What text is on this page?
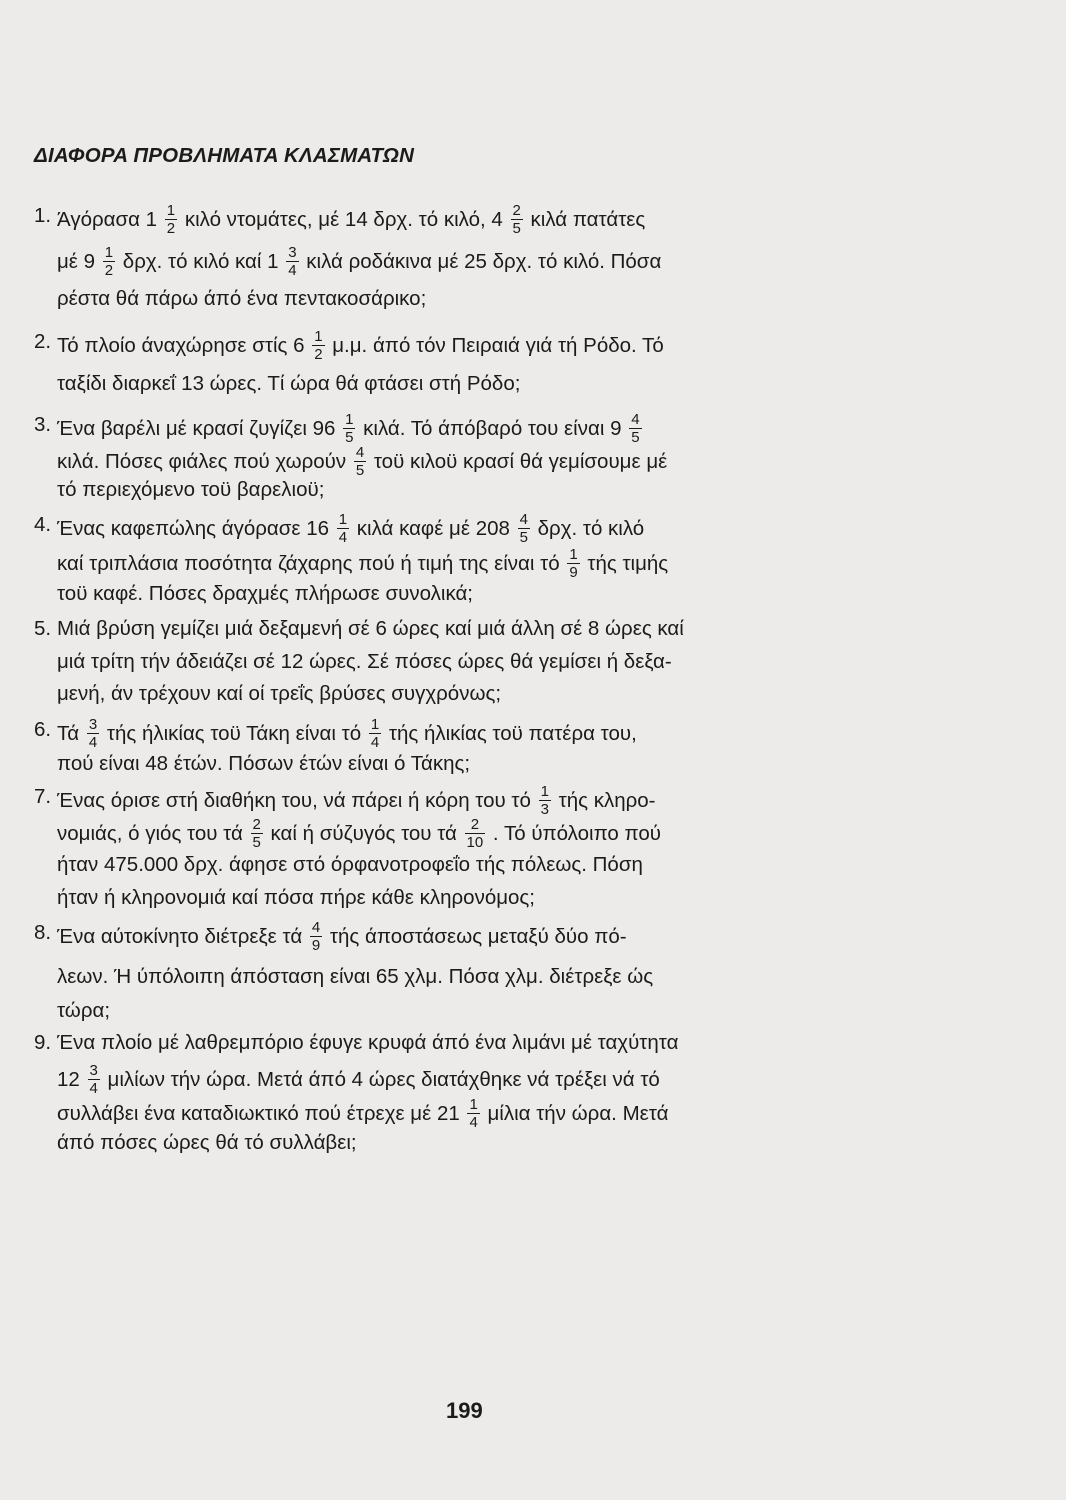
ΔΙΑΦΟΡΑ ΠΡΟΒΛΗΜΑΤΑ ΚΛΑΣΜΑΤΩΝ
1. Άγόρασα $1 \frac{1}{2}$ κιλό ντομάτες, μέ 14 δρχ. τό κιλό, $4 \frac{2}{5}$ κιλά πατάτες
μέ $9 \frac{1}{2} \delta\rho\chi$. τό κιλό καί $1 \frac{3}{4}$ κιλά ροδάκινα μέ 25 δρχ. τό κιλό. Πόσα
ρέστα θά πάρω άπό ένα πεντακοσάρικο;
2. Τό πλοίο άναχώρησε στίς $6 \frac{1}{2} \mu.\mu$. άπό τόν Πειραιά γιά τή Ρόδο. Τό
ταξίδι διαρκεΐ 13 ώρες. Τί ώρα θά φτάσει στή Ρόδο;
3. Ένα βαρέλι μέ κρασί ζυγίζει $96 \frac{1}{5} \kappa\iota\lambda ά$. Τό άπόβαρό του είναι $9 \frac{4}{5}$
κιλά. Πόσες φιάλες πού χωρούν $\frac{4}{5}$ τοϋ κιλοϋ κρασί θά γεμίσουμε μέ
τό περιεχόμενο τοϋ βαρελιοϋ;
4. Ένας καφεπώλης άγόρασε $16 \frac{1}{4}$ κιλά καφέ μέ $208 \frac{4}{5} \delta\rho\chi$. τό κιλό
καί τριπλάσια ποσότητα ζάχαρης πού ή τιμή της είναι τό $\frac{1}{9}$ τής τιμής
τοϋ καφέ. Πόσες δραχμές πλήρωσε συνολικά;
5. Μιά βρύση γεμίζει μιά δεξαμενή σέ 6 ώρες καί μιά άλλη σέ 8 ώρες καί
μιά τρίτη τήν άδειάζει σέ 12 ώρες. Σέ πόσες ώρες θά γεμίσει ή δεξα-
μενή, άν τρέχουν καί οί τρεΐς βρύσες συγχρόνως;
6. Τά $\frac{3}{4}$ τής ήλικίας τοϋ Τάκη είναι τό $\frac{1}{4}$ τής ήλικίας τοϋ πατέρα του,
πού είναι 48 έτών. Πόσων έτών είναι ό Τάκης;
7. Ένας όρισε στή διαθήκη του, νά πάρει ή κόρη του τό $\frac{1}{3}$ τής κληρο-
νομιάς, ό γιός του τά $\frac{2}{5}$ καί ή σύζυγός του τά $\frac{2}{10}$ . Τό ύπόλοιπο πού
ήταν 475.000 δρχ. άφησε στό όρφανοτροφεΐο τής πόλεως. Πόση
ήταν ή κληρονομιά καί πόσα πήρε κάθε κληρονόμος;
8. Ένα αύτοκίνητο διέτρεξε τά $\frac{4}{9}$ τής άποστάσεως μεταξύ δύο πό-
λεων. Ή ύπόλοιπη άπόσταση είναι 65 χλμ. Πόσα χλμ. διέτρεξε ώς
τώρα;
9. Ένα πλοίο μέ λαθρεμπόριο έφυγε κρυφά άπό ένα λιμάνι μέ ταχύτητα
$12 \frac{3}{4}$ μιλίων τήν ώρα. Μετά άπό 4 ώρες διατάχθηκε νά τρέξει νά τό
συλλάβει ένα καταδιωκτικό πού έτρεχε μέ $21 \frac{1}{4}$ μίλια τήν ώρα. Μετά
άπό πόσες ώρες θά τό συλλάβει;
199
